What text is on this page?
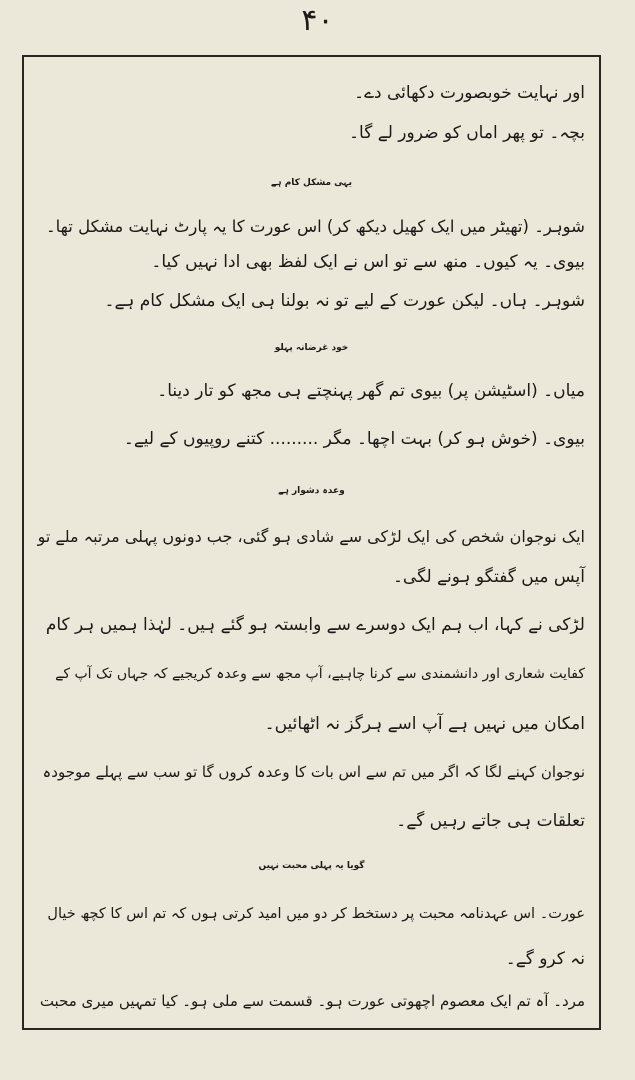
۴۰
اور نہایت خوبصورت دکھائی دے۔
بچہ۔ تو پھر اماں کو ضرور لے گا۔
یہی مشکل کام ہے
شوہر۔ (تھیٹر میں ایک کھیل دیکھ کر) اس عورت کا یہ پارٹ نہایت مشکل تھا۔
بیوی۔ یہ کیوں۔ منھ سے تو اس نے ایک لفظ بھی ادا نہیں کیا۔
شوہر۔ ہاں۔ لیکن عورت کے لیے تو نہ بولنا ہی ایک مشکل کام ہے۔
خود غرضانہ پہلو
میاں۔ (اسٹیشن پر) بیوی تم گھر پہنچتے ہی مجھ کو تار دینا۔
بیوی۔ (خوش ہو کر) بہت اچھا۔ مگر ......... کتنے روپیوں کے لیے۔
وعدہ دشوار ہے
ایک نوجوان شخص کی ایک لڑکی سے شادی ہو گئی، جب دونوں پہلی مرتبہ ملے تو
آپس میں گفتگو ہونے لگی۔
لڑکی نے کہا، اب ہم ایک دوسرے سے وابستہ ہو گئے ہیں۔ لہٰذا ہمیں ہر کام
کفایت شعاری اور دانشمندی سے کرنا چاہیے، آپ مجھ سے وعدہ کریجیے کہ جہاں تک آپ کے
امکان میں نہیں ہے آپ اسے ہرگز نہ اٹھائیں۔
نوجوان کہنے لگا کہ اگر میں تم سے اس بات کا وعدہ کروں گا تو سب سے پہلے موجودہ
تعلقات ہی جاتے رہیں گے۔
گویا یہ پہلی محبت نہیں
عورت۔ اس عہدنامہ محبت پر دستخط کر دو میں امید کرتی ہوں کہ تم اس کا کچھ خیال
نہ کرو گے۔
مرد۔ آہ تم ایک معصوم اچھوتی عورت ہو۔ قسمت سے ملی ہو۔ کیا تمہیں میری محبت
